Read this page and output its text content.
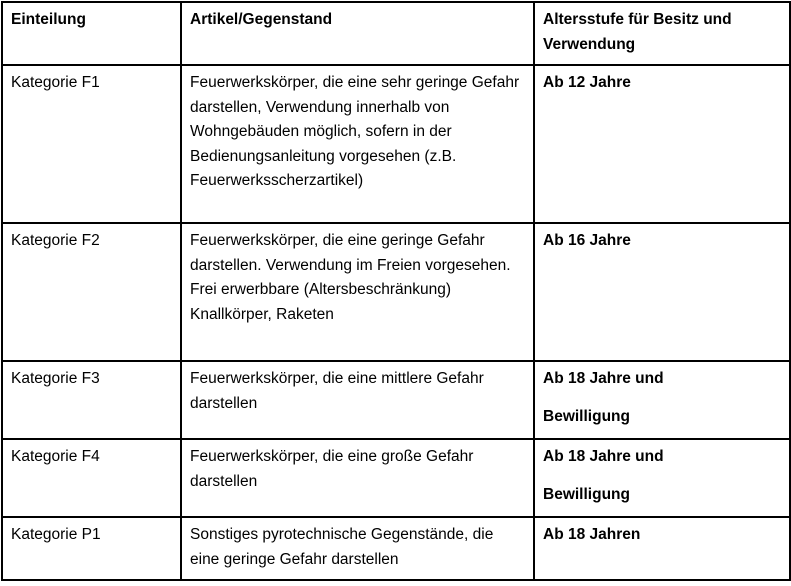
Einteilung	Artikel/Gegenstand	Altersstufe für Besitz und Verwendung
Kategorie F1	Feuerwerkskörper, die eine sehr geringe Gefahr darstellen, Verwendung innerhalb von Wohngebäuden möglich, sofern in der Bedienungsanleitung vorgesehen (z.B. Feuerwerksscherzartikel)	Ab 12 Jahre

Kategorie F2	Feuerwerkskörper, die eine geringe Gefahr darstellen. Verwendung im Freien vorgesehen. Frei erwerbbare (Altersbeschränkung) Knallkörper, Raketen	Ab 16 Jahre

Kategorie F3	Feuerwerkskörper, die eine mittlere Gefahr darstellen	Ab 18 Jahre und
Bewilligung

Kategorie F4	Feuerwerkskörper, die eine große Gefahr darstellen	Ab 18 Jahre und
Bewilligung

Kategorie P1	Sonstiges pyrotechnische Gegenstände, die eine geringe Gefahr darstellen	Ab 18 Jahren
